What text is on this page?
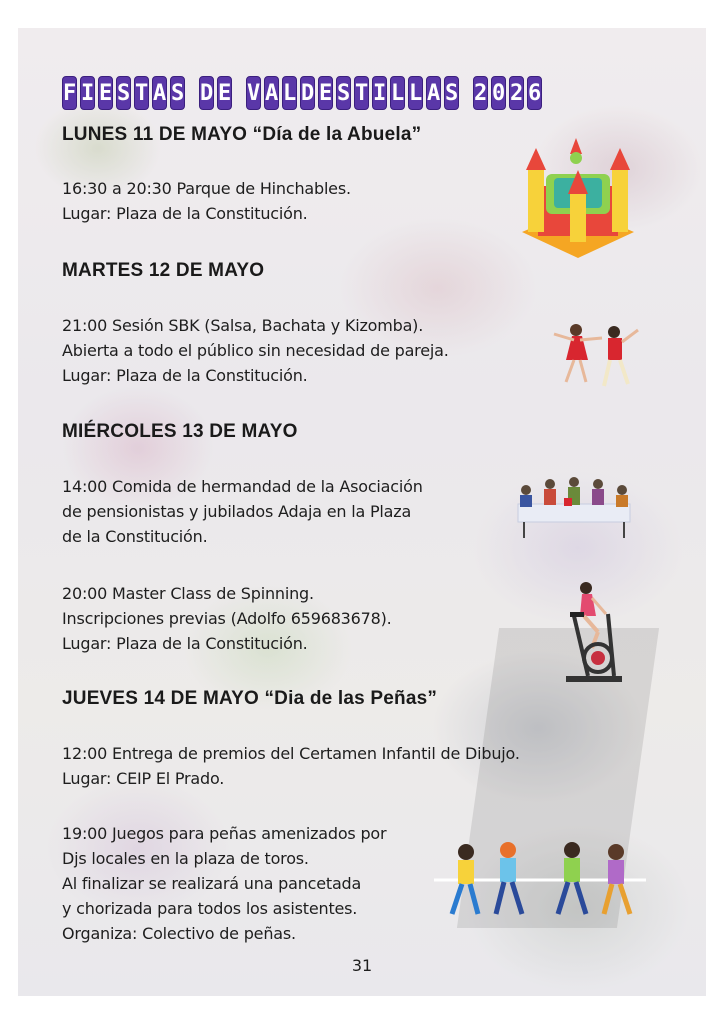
F I E S T A S D E V A L D E S T I L L A S 2 0 2 6
LUNES 11 DE MAYO “Día de la Abuela”
16:30 a 20:30 Parque de Hinchables.
Lugar: Plaza de la Constitución.
MARTES 12 DE MAYO
21:00 Sesión SBK (Salsa, Bachata y Kizomba).
Abierta a todo el público sin necesidad de pareja.
Lugar: Plaza de la Constitución.
MIÉRCOLES 13 DE MAYO
14:00 Comida de hermandad de la Asociación
de pensionistas y jubilados Adaja en la Plaza
de la Constitución.
20:00 Master Class de Spinning.
Inscripciones previas (Adolfo 659683678).
Lugar: Plaza de la Constitución.
JUEVES 14 DE MAYO “Dia de las Peñas”
12:00 Entrega de premios del Certamen Infantil de Dibujo.
Lugar: CEIP El Prado.
19:00 Juegos para peñas amenizados por
Djs locales en la plaza de toros.
Al finalizar se realizará una pancetada
y chorizada para todos los asistentes.
Organiza: Colectivo de peñas.
31
